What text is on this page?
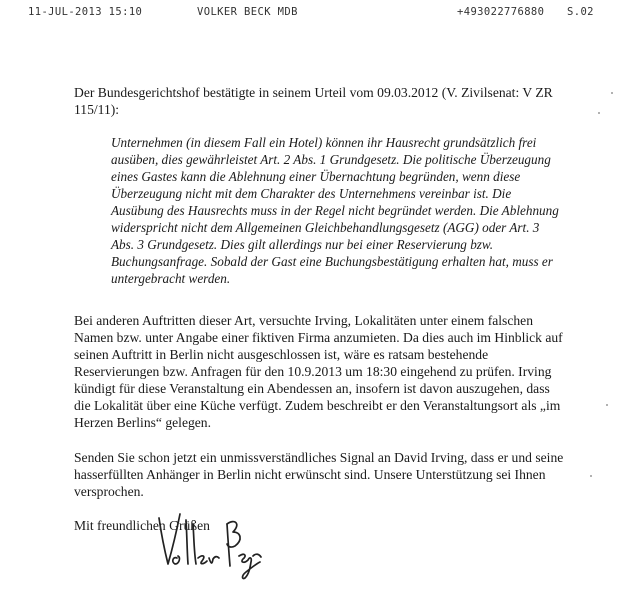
11-JUL-2013 15:10	VOLKER BECK MDB	+493022776880 S.02

Der Bundesgerichtshof bestätigte in seinem Urteil vom 09.03.2012 (V. Zivilsenat: V ZR 115/11):

Unternehmen (in diesem Fall ein Hotel) können ihr Hausrecht grundsätzlich frei ausüben, dies gewährleistet Art. 2 Abs. 1 Grundgesetz. Die politische Überzeugung eines Gastes kann die Ablehnung einer Übernachtung begründen, wenn diese Überzeugung nicht mit dem Charakter des Unternehmens vereinbar ist. Die Ausübung des Hausrechts muss in der Regel nicht begründet werden. Die Ablehnung widerspricht nicht dem Allgemeinen Gleichbehandlungsgesetz (AGG) oder Art. 3 Abs. 3 Grundgesetz. Dies gilt allerdings nur bei einer Reservierung bzw. Buchungsanfrage. Sobald der Gast eine Buchungsbestätigung erhalten hat, muss er untergebracht werden.

Bei anderen Auftritten dieser Art, versuchte Irving, Lokalitäten unter einem falschen Namen bzw. unter Angabe einer fiktiven Firma anzumieten. Da dies auch im Hinblick auf seinen Auftritt in Berlin nicht ausgeschlossen ist, wäre es ratsam bestehende Reservierungen bzw. Anfragen für den 10.9.2013 um 18:30 eingehend zu prüfen. Irving kündigt für diese Veranstaltung ein Abendessen an, insofern ist davon auszugehen, dass die Lokalität über eine Küche verfügt. Zudem beschreibt er den Veranstaltungsort als „im Herzen Berlins“ gelegen.

Senden Sie schon jetzt ein unmissverständliches Signal an David Irving, dass er und seine hasserfüllten Anhänger in Berlin nicht erwünscht sind. Unsere Unterstützung sei Ihnen versprochen.

Mit freundlichen Grüßen
